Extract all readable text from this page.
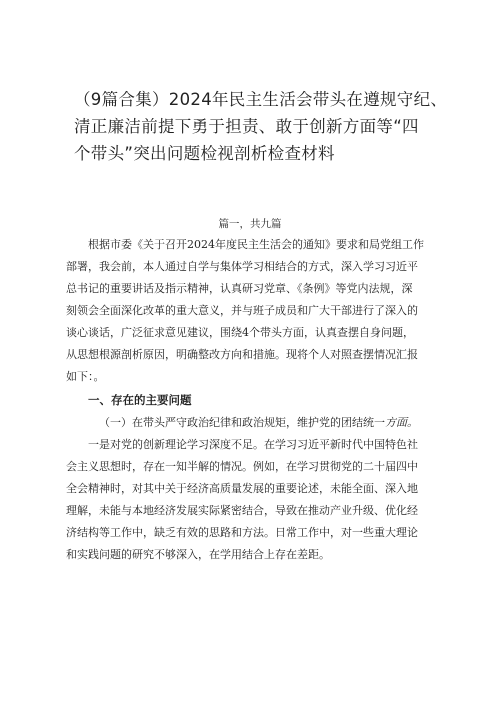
（9篇合集）2024年民主生活会带头在遵规守纪、
清正廉洁前提下勇于担责、敢于创新方面等“四
个带头”突出问题检视剖析检查材料
篇一，共九篇
根据市委《关于召开2024年度民主生活会的通知》要求和局党组工作
部署，我会前，本人通过自学与集体学习相结合的方式，深入学习习近平
总书记的重要讲话及指示精神，认真研习党章、《条例》等党内法规，深
刻领会全面深化改革的重大意义，并与班子成员和广大干部进行了深入的
谈心谈话，广泛征求意见建议，围绕4个带头方面，认真查摆自身问题，
从思想根源剖析原因，明确整改方向和措施。现将个人对照查摆情况汇报
如下：。
一、存在的主要问题
（一）在带头严守政治纪律和政治规矩，维护党的团结统一方面。
一是对党的创新理论学习深度不足。在学习习近平新时代中国特色社
会主义思想时，存在一知半解的情况。例如，在学习贯彻党的二十届四中
全会精神时，对其中关于经济高质量发展的重要论述，未能全面、深入地
理解，未能与本地经济发展实际紧密结合，导致在推动产业升级、优化经
济结构等工作中，缺乏有效的思路和方法。日常工作中，对一些重大理论
和实践问题的研究不够深入，在学用结合上存在差距。
